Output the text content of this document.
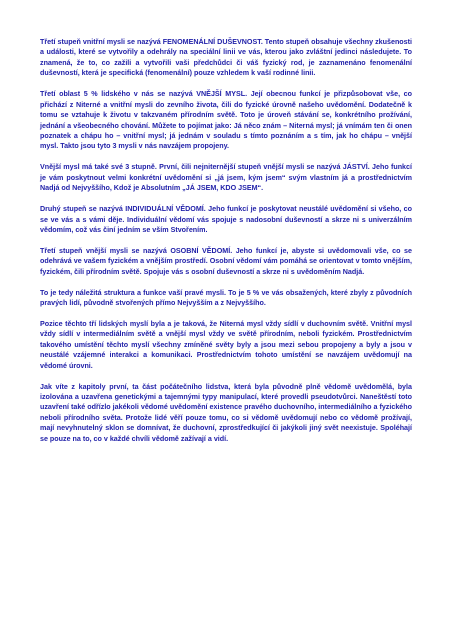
Třetí stupeň vnitřní mysli se nazývá FENOMENÁLNÍ DUŠEVNOST. Tento stupeň obsahuje všechny zkušenosti a události, které se vytvořily a odehrály na speciální linii ve vás, kterou jako zvláštní jedinci následujete. To znamená, že to, co zažili a vytvořili vaši předchůdci či váš fyzický rod, je zaznamenáno fenomenální duševností, která je specifická (fenomenální) pouze vzhledem k vaší rodinné linii.

Třetí oblast 5 % lidského v nás se nazývá VNĚJŠÍ MYSL. Její obecnou funkcí je přizpůsobovat vše, co přichází z Niterné a vnitřní mysli do zevního života, čili do fyzické úrovně našeho uvědomění. Dodatečně k tomu se vztahuje k životu v takzvaném přírodním světě. Toto je úroveň stávání se, konkrétního prožívání, jednání a všeobecného chování. Můžete to pojímat jako: Já něco znám – Niterná mysl; já vnímám ten či onen poznatek a chápu ho – vnitřní mysl; já jednám v souladu s tímto poznáním a s tím, jak ho chápu – vnější mysl. Takto jsou tyto 3 mysli v nás navzájem propojeny.

Vnější mysl má také své 3 stupně. První, čili nejniternější stupeň vnější mysli se nazývá JÁSTVÍ. Jeho funkcí je vám poskytnout velmi konkrétní uvědomění si „já jsem, kým jsem“ svým vlastním já a prostřednictvím Nadjá od Nejvyššího, Kdož je Absolutním „JÁ JSEM, KDO JSEM“.

Druhý stupeň se nazývá INDIVIDUÁLNÍ VĚDOMÍ. Jeho funkcí je poskytovat neustálé uvědomění si všeho, co se ve vás a s vámi děje. Individuální vědomí vás spojuje s nadosobní duševností a skrze ni s univerzálním vědomím, což vás činí jedním se vším Stvořením.

Třetí stupeň vnější mysli se nazývá OSOBNÍ VĚDOMÍ. Jeho funkcí je, abyste si uvědomovali vše, co se odehrává ve vašem fyzickém a vnějším prostředí. Osobní vědomí vám pomáhá se orientovat v tomto vnějším, fyzickém, čili přírodním světě. Spojuje vás s osobní duševností a skrze ni s uvědoměním Nadjá.

To je tedy náležitá struktura a funkce vaší pravé mysli. To je 5 % ve vás obsažených, které zbyly z původních pravých lidí, původně stvořených přímo Nejvyšším a z Nejvyššího.

Pozice těchto tří lidských myslí byla a je taková, že Niterná mysl vždy sídlí v duchovním světě. Vnitřní mysl vždy sídlí v intermediálním světě a vnější mysl vždy ve světě přírodním, neboli fyzickém. Prostřednictvím takového umístění těchto myslí všechny zmíněné světy byly a jsou mezi sebou propojeny a byly a jsou v neustálé vzájemné interakci a komunikaci. Prostřednictvím tohoto umístění se navzájem uvědomují na vědomé úrovni.

Jak víte z kapitoly první, ta část počátečního lidstva, která byla původně plně vědomě uvědomělá, byla izolována a uzavřena genetickými a tajemnými typy manipulací, které provedli pseudotvůrci. Naneštěstí toto uzavření také odřízlo jakékoli vědomé uvědomění existence pravého duchovního, intermediálního a fyzického neboli přírodního světa. Protože lidé věří pouze tomu, co si vědomě uvědomují nebo co vědomě prožívají, mají nevyhnutelný sklon se domnívat, že duchovní, zprostředkující či jakýkoli jiný svět neexistuje. Spoléhají se pouze na to, co v každé chvíli vědomě zažívají a vidí.
